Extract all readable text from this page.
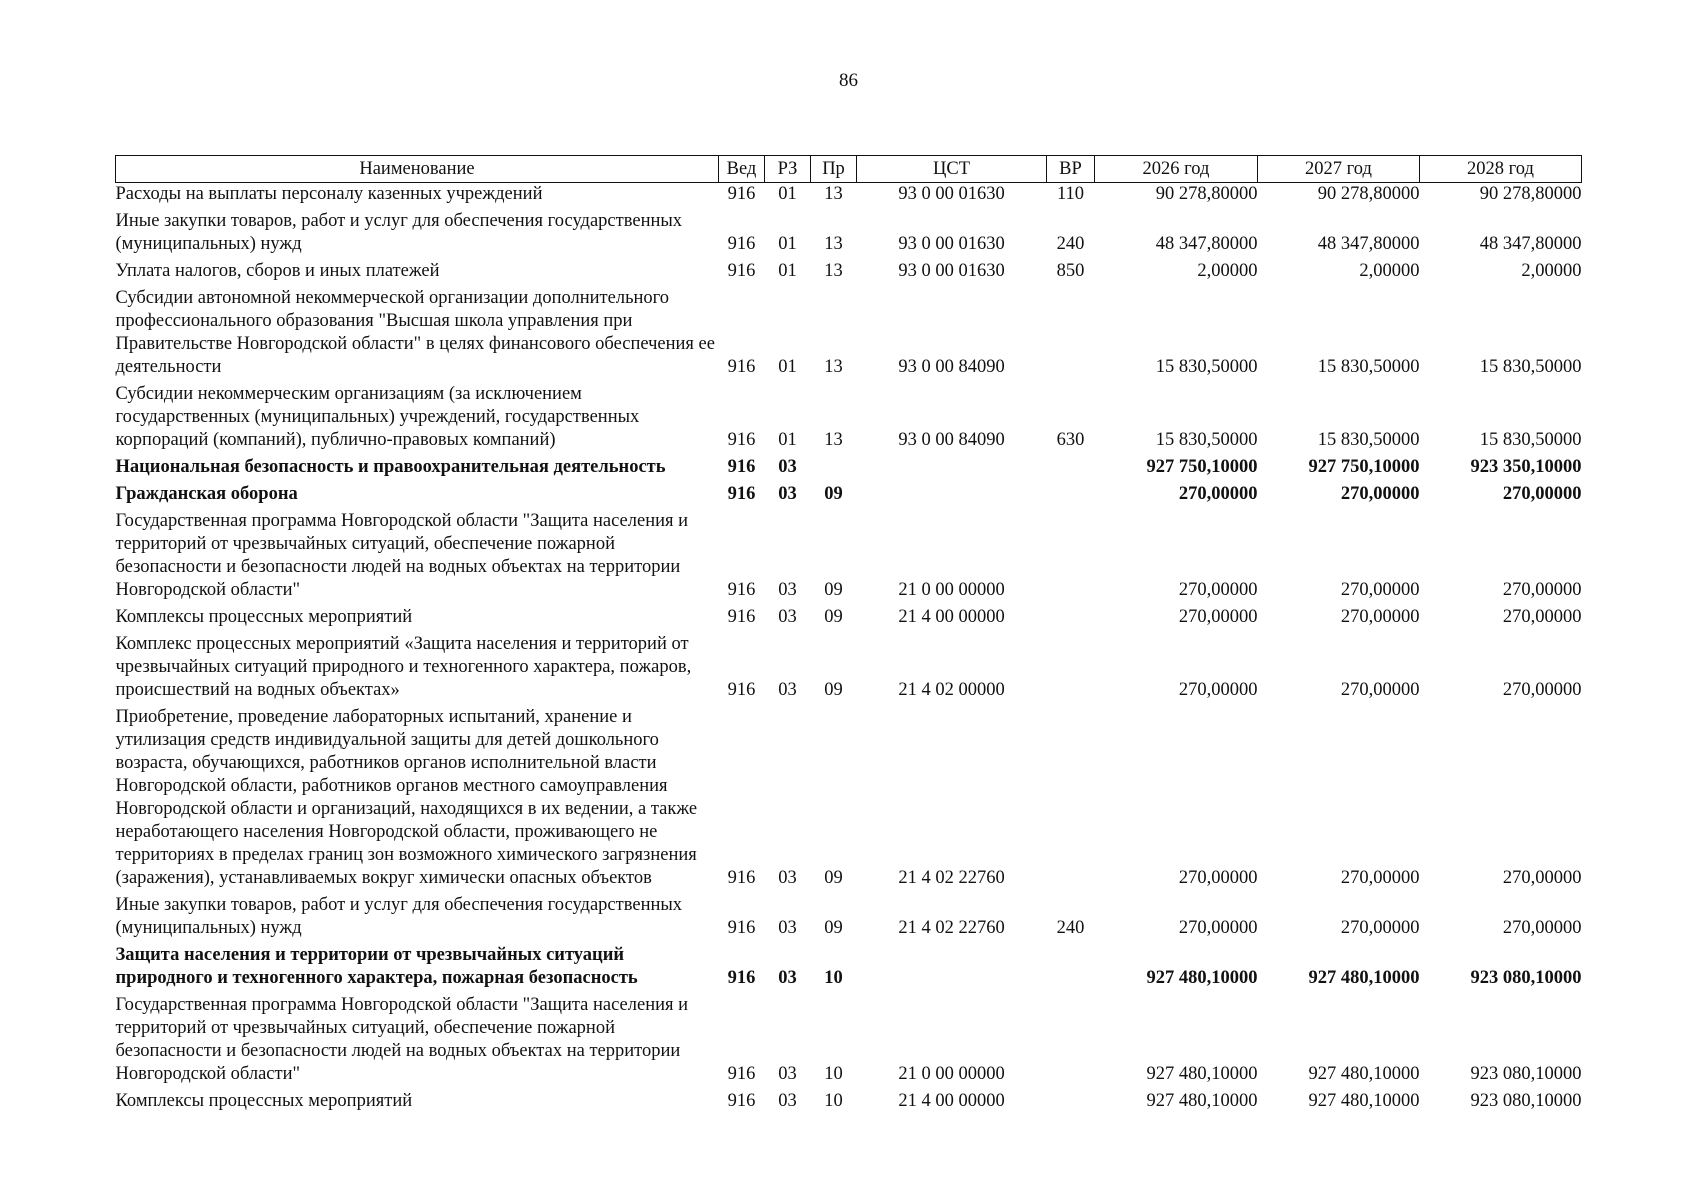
86
Наименование	Вед	РЗ	Пр	ЦСТ	ВР	2026 год	2027 год	2028 год
Расходы на выплаты персоналу казенных учреждений	916	01	13	93 0 00 01630	110	90 278,80000	90 278,80000	90 278,80000
Иные закупки товаров, работ и услуг для обеспечения государственных (муниципальных) нужд	916	01	13	93 0 00 01630	240	48 347,80000	48 347,80000	48 347,80000
Уплата налогов, сборов и иных платежей	916	01	13	93 0 00 01630	850	2,00000	2,00000	2,00000
Субсидии автономной некоммерческой организации дополнительного профессионального образования "Высшая школа управления при Правительстве Новгородской области" в целях финансового обеспечения ее деятельности	916	01	13	93 0 00 84090		15 830,50000	15 830,50000	15 830,50000
Субсидии некоммерческим организациям (за исключением государственных (муниципальных) учреждений, государственных корпораций (компаний), публично-правовых компаний)	916	01	13	93 0 00 84090	630	15 830,50000	15 830,50000	15 830,50000
Национальная безопасность и правоохранительная деятельность	916	03				927 750,10000	927 750,10000	923 350,10000
Гражданская оборона	916	03	09			270,00000	270,00000	270,00000
Государственная программа Новгородской области "Защита населения и территорий от чрезвычайных ситуаций, обеспечение пожарной безопасности и безопасности людей на водных объектах на территории Новгородской области"	916	03	09	21 0 00 00000		270,00000	270,00000	270,00000
Комплексы процессных мероприятий	916	03	09	21 4 00 00000		270,00000	270,00000	270,00000
Комплекс процессных мероприятий «Защита населения и территорий от чрезвычайных ситуаций природного и техногенного характера, пожаров, происшествий на водных объектах»	916	03	09	21 4 02 00000		270,00000	270,00000	270,00000
Приобретение, проведение лабораторных испытаний, хранение и утилизация средств индивидуальной защиты для детей дошкольного возраста, обучающихся, работников органов исполнительной власти Новгородской области, работников органов местного самоуправления Новгородской области и организаций, находящихся в их ведении, а также неработающего населения Новгородской области, проживающего не территориях в пределах границ зон возможного химического загрязнения (заражения), устанавливаемых вокруг химически опасных объектов	916	03	09	21 4 02 22760		270,00000	270,00000	270,00000
Иные закупки товаров, работ и услуг для обеспечения государственных (муниципальных) нужд	916	03	09	21 4 02 22760	240	270,00000	270,00000	270,00000
Защита населения и территории от чрезвычайных ситуаций природного и техногенного характера, пожарная безопасность	916	03	10			927 480,10000	927 480,10000	923 080,10000
Государственная программа Новгородской области "Защита населения и территорий от чрезвычайных ситуаций, обеспечение пожарной безопасности и безопасности людей на водных объектах на территории Новгородской области"	916	03	10	21 0 00 00000		927 480,10000	927 480,10000	923 080,10000
Комплексы процессных мероприятий	916	03	10	21 4 00 00000		927 480,10000	927 480,10000	923 080,10000
